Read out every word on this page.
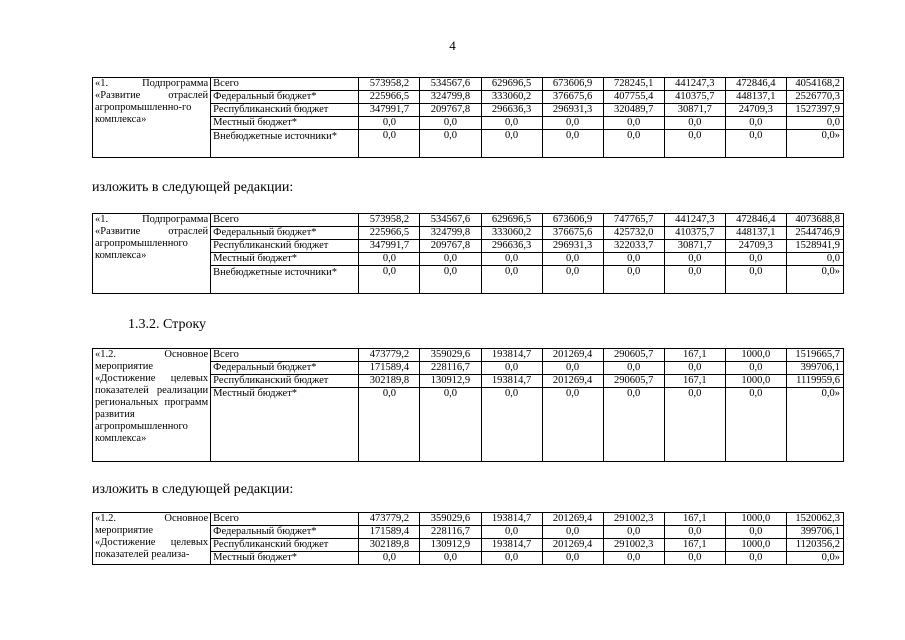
4
«1. Подпрограмма «Развитие отраслей агропромышленно-го комплекса»	Всего	573958,2	534567,6	629696,5	673606,9	728245,1	441247,3	472846,4	4054168,2
	Федеральный бюджет*	225966,5	324799,8	333060,2	376675,6	407755,4	410375,7	448137,1	2526770,3
	Республиканский бюджет	347991,7	209767,8	296636,3	296931,3	320489,7	30871,7	24709,3	1527397,9
	Местный бюджет*	0,0	0,0	0,0	0,0	0,0	0,0	0,0	0,0
	Внебюджетные источники*	0,0	0,0	0,0	0,0	0,0	0,0	0,0	0,0»
изложить в следующей редакции:
«1. Подпрограмма «Развитие отраслей агропромышленного комплекса»	Всего	573958,2	534567,6	629696,5	673606,9	747765,7	441247,3	472846,4	4073688,8
	Федеральный бюджет*	225966,5	324799,8	333060,2	376675,6	425732,0	410375,7	448137,1	2544746,9
	Республиканский бюджет	347991,7	209767,8	296636,3	296931,3	322033,7	30871,7	24709,3	1528941,9
	Местный бюджет*	0,0	0,0	0,0	0,0	0,0	0,0	0,0	0,0
	Внебюджетные источники*	0,0	0,0	0,0	0,0	0,0	0,0	0,0	0,0»
1.3.2. Строку
«1.2. Основное мероприятие «Достижение целевых показателей реализации региональных программ развития агропромышленного комплекса»	Всего	473779,2	359029,6	193814,7	201269,4	290605,7	167,1	1000,0	1519665,7
	Федеральный бюджет*	171589,4	228116,7	0,0	0,0	0,0	0,0	0,0	399706,1
	Республиканский бюджет	302189,8	130912,9	193814,7	201269,4	290605,7	167,1	1000,0	1119959,6
	Местный бюджет*	0,0	0,0	0,0	0,0	0,0	0,0	0,0	0,0»
изложить в следующей редакции:
«1.2. Основное мероприятие «Достижение целевых показателей реализа-	Всего	473779,2	359029,6	193814,7	201269,4	291002,3	167,1	1000,0	1520062,3
	Федеральный бюджет*	171589,4	228116,7	0,0	0,0	0,0	0,0	0,0	399706,1
	Республиканский бюджет	302189,8	130912,9	193814,7	201269,4	291002,3	167,1	1000,0	1120356,2
	Местный бюджет*	0,0	0,0	0,0	0,0	0,0	0,0	0,0	0,0»
